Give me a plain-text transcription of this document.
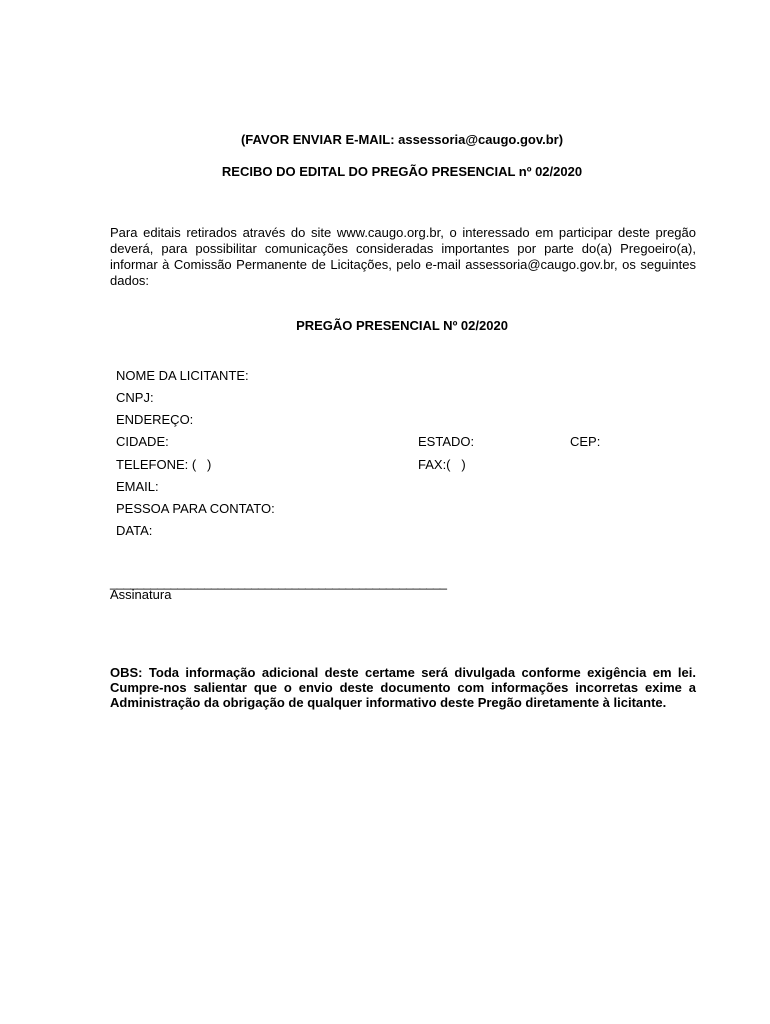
(FAVOR ENVIAR E-MAIL: assessoria@caugo.gov.br)
RECIBO DO EDITAL DO PREGÃO PRESENCIAL nº 02/2020
Para editais retirados através do site www.caugo.org.br, o interessado em participar deste pregão deverá, para possibilitar comunicações consideradas importantes por parte do(a) Pregoeiro(a), informar à Comissão Permanente de Licitações, pelo e-mail assessoria@caugo.gov.br, os seguintes dados:
PREGÃO PRESENCIAL Nº 02/2020
NOME DA LICITANTE:
CNPJ:
ENDEREÇO:
CIDADE:	ESTADO:	CEP:
TELEFONE: (   )	FAX:(   )
EMAIL:
PESSOA PARA CONTATO:
DATA:
__________________________________________________
Assinatura
OBS: Toda informação adicional deste certame será divulgada conforme exigência em lei. Cumpre-nos salientar que o envio deste documento com informações incorretas exime a Administração da obrigação de qualquer informativo deste Pregão diretamente à licitante.
